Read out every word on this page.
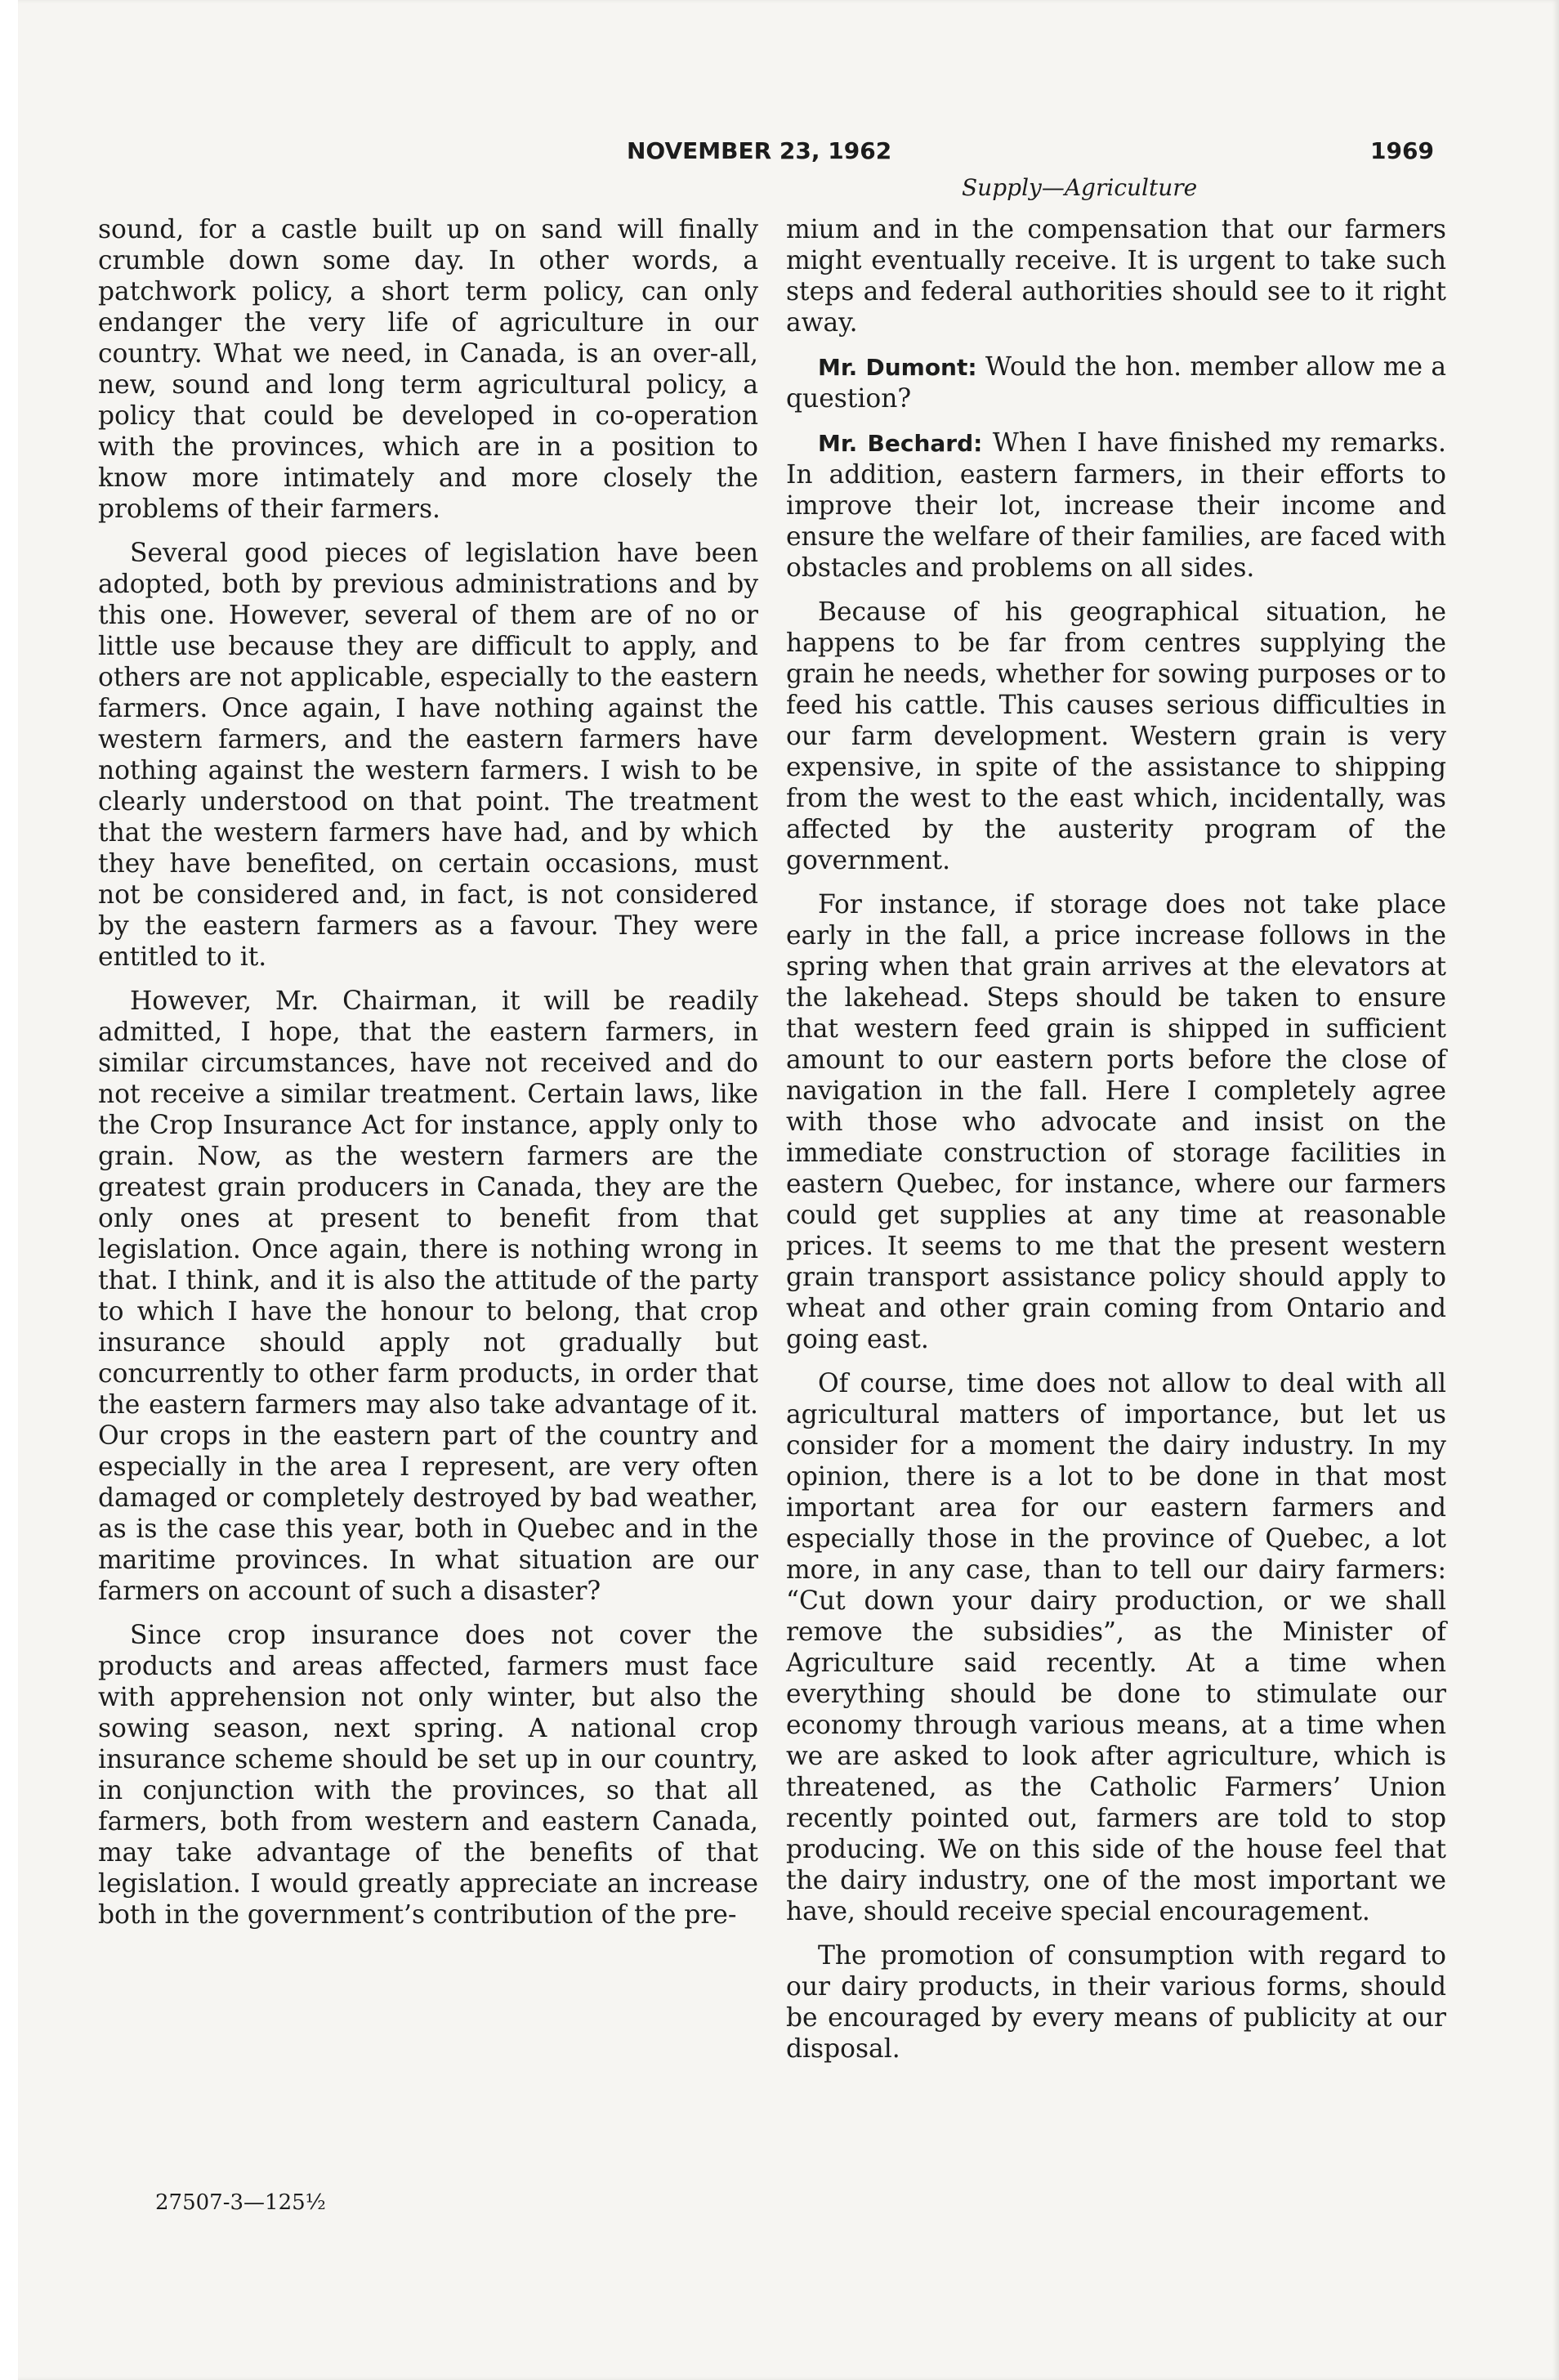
NOVEMBER 23, 1962	1969
Supply—Agriculture

sound, for a castle built up on sand will finally crumble down some day. In other words, a patchwork policy, a short term policy, can only endanger the very life of agriculture in our country. What we need, in Canada, is an over-all, new, sound and long term agricultural policy, a policy that could be developed in co-operation with the provinces, which are in a position to know more intimately and more closely the problems of their farmers.

Several good pieces of legislation have been adopted, both by previous administrations and by this one. However, several of them are of no or little use because they are difficult to apply, and others are not applicable, especially to the eastern farmers. Once again, I have nothing against the western farmers, and the eastern farmers have nothing against the western farmers. I wish to be clearly understood on that point. The treatment that the western farmers have had, and by which they have benefited, on certain occasions, must not be considered and, in fact, is not considered by the eastern farmers as a favour. They were entitled to it.

However, Mr. Chairman, it will be readily admitted, I hope, that the eastern farmers, in similar circumstances, have not received and do not receive a similar treatment. Certain laws, like the Crop Insurance Act for instance, apply only to grain. Now, as the western farmers are the greatest grain producers in Canada, they are the only ones at present to benefit from that legislation. Once again, there is nothing wrong in that. I think, and it is also the attitude of the party to which I have the honour to belong, that crop insurance should apply not gradually but concurrently to other farm products, in order that the eastern farmers may also take advantage of it. Our crops in the eastern part of the country and especially in the area I represent, are very often damaged or completely destroyed by bad weather, as is the case this year, both in Quebec and in the maritime provinces. In what situation are our farmers on account of such a disaster?

Since crop insurance does not cover the products and areas affected, farmers must face with apprehension not only winter, but also the sowing season, next spring. A national crop insurance scheme should be set up in our country, in conjunction with the provinces, so that all farmers, both from western and eastern Canada, may take advantage of the benefits of that legislation. I would greatly appreciate an increase both in the government’s contribution of the pre-

mium and in the compensation that our farmers might eventually receive. It is urgent to take such steps and federal authorities should see to it right away.

Mr. Dumont: Would the hon. member allow me a question?

Mr. Bechard: When I have finished my remarks. In addition, eastern farmers, in their efforts to improve their lot, increase their income and ensure the welfare of their families, are faced with obstacles and problems on all sides.

Because of his geographical situation, he happens to be far from centres supplying the grain he needs, whether for sowing purposes or to feed his cattle. This causes serious difficulties in our farm development. Western grain is very expensive, in spite of the assistance to shipping from the west to the east which, incidentally, was affected by the austerity program of the government.

For instance, if storage does not take place early in the fall, a price increase follows in the spring when that grain arrives at the elevators at the lakehead. Steps should be taken to ensure that western feed grain is shipped in sufficient amount to our eastern ports before the close of navigation in the fall. Here I completely agree with those who advocate and insist on the immediate construction of storage facilities in eastern Quebec, for instance, where our farmers could get supplies at any time at reasonable prices. It seems to me that the present western grain transport assistance policy should apply to wheat and other grain coming from Ontario and going east.

Of course, time does not allow to deal with all agricultural matters of importance, but let us consider for a moment the dairy industry. In my opinion, there is a lot to be done in that most important area for our eastern farmers and especially those in the province of Quebec, a lot more, in any case, than to tell our dairy farmers: “Cut down your dairy production, or we shall remove the subsidies”, as the Minister of Agriculture said recently. At a time when everything should be done to stimulate our economy through various means, at a time when we are asked to look after agriculture, which is threatened, as the Catholic Farmers’ Union recently pointed out, farmers are told to stop producing. We on this side of the house feel that the dairy industry, one of the most important we have, should receive special encouragement.

The promotion of consumption with regard to our dairy products, in their various forms, should be encouraged by every means of publicity at our disposal.

27507-3—125½
